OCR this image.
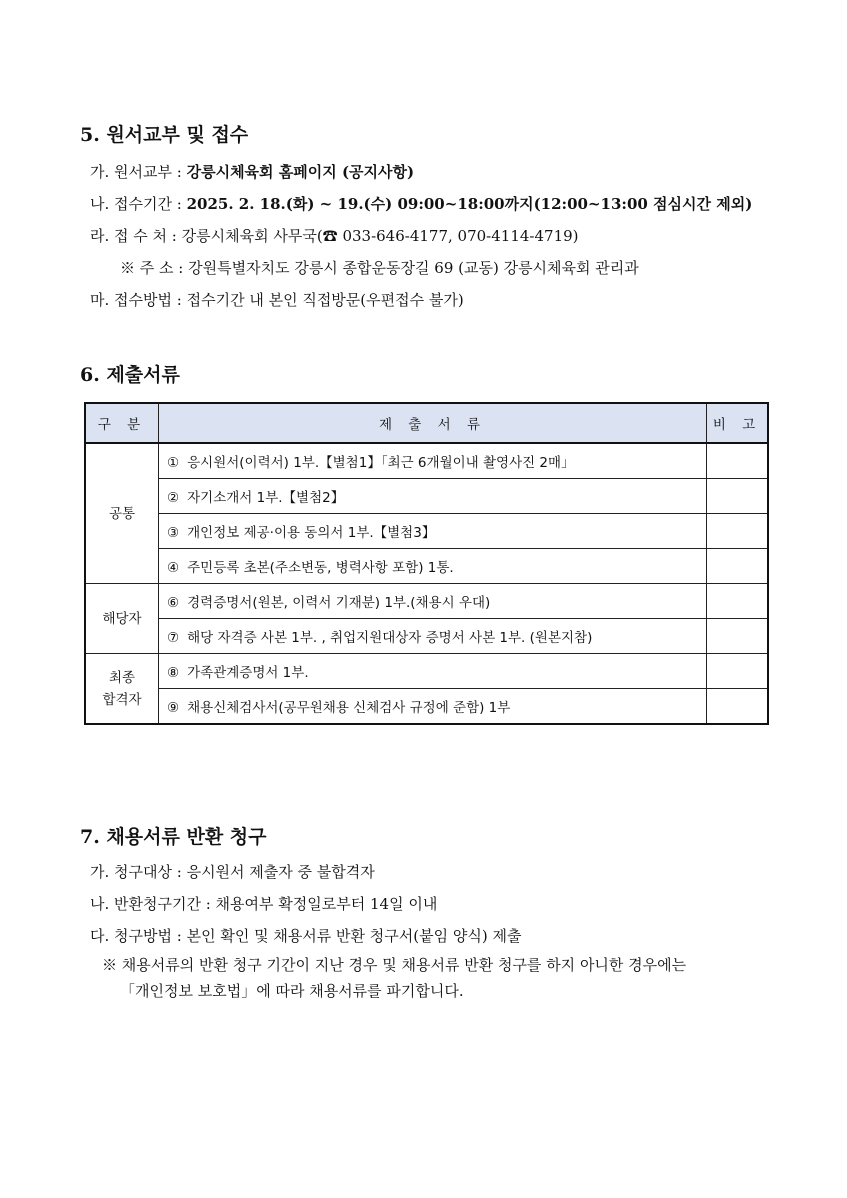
5. 원서교부 및 접수
가. 원서교부 : 강릉시체육회 홈페이지 (공지사항)
나. 접수기간 : 2025. 2. 18.(화) ~ 19.(수) 09:00~18:00까지(12:00~13:00 점심시간 제외)
라. 접 수 처 : 강릉시체육회 사무국(☎ 033-646-4177, 070-4114-4719)
※ 주 소 : 강원특별자치도 강릉시 종합운동장길 69 (교동) 강릉시체육회 관리과
마. 접수방법 : 접수기간 내 본인 직접방문(우편접수 불가)
6. 제출서류
구 분	제 출 서 류	비 고
공통	① 응시원서(이력서) 1부.【별첨1】「최근 6개월이내 촬영사진 2매」	
	② 자기소개서 1부.【별첨2】	
	③ 개인정보 제공·이용 동의서 1부.【별첨3】	
	④ 주민등록 초본(주소변동, 병력사항 포함) 1통.	
해당자	⑥ 경력증명서(원본, 이력서 기재분) 1부.(채용시 우대)	
	⑦ 해당 자격증 사본 1부. , 취업지원대상자 증명서 사본 1부. (원본지참)	

최종
합격자	⑧ 가족관계증명서 1부.	
	⑨ 채용신체검사서(공무원채용 신체검사 규정에 준함) 1부	
7. 채용서류 반환 청구
가. 청구대상 : 응시원서 제출자 중 불합격자
나. 반환청구기간 : 채용여부 확정일로부터 14일 이내
다. 청구방법 : 본인 확인 및 채용서류 반환 청구서(붙임 양식) 제출
※ 채용서류의 반환 청구 기간이 지난 경우 및 채용서류 반환 청구를 하지 아니한 경우에는
「개인정보 보호법」에 따라 채용서류를 파기합니다.
